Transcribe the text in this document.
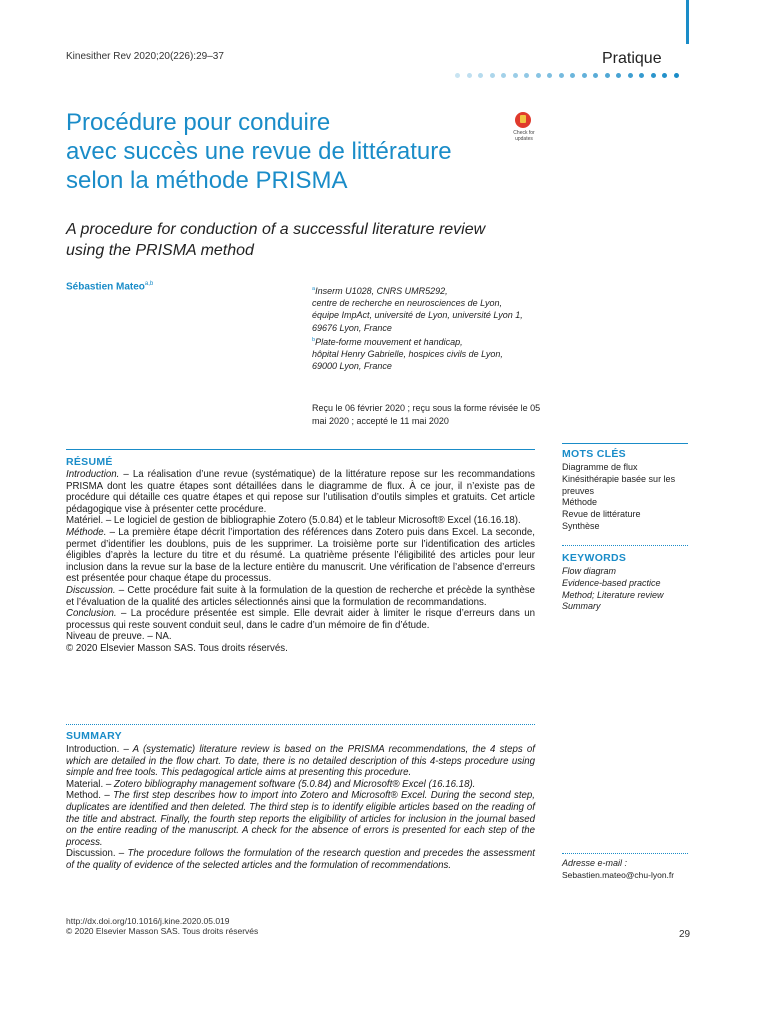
Kinesither Rev 2020;20(226):29–37	Pratique
Procédure pour conduire
avec succès une revue de littérature
selon la méthode PRISMA
Check for
updates
A procedure for conduction of a successful literature review using the PRISMA method
Sébastien Mateo$^{a,b}$
$^a$Inserm U1028, CNRS UMR5292,
centre de recherche en neurosciences de Lyon,
équipe ImpAct, université de Lyon, université Lyon 1,
69676 Lyon, France
$^b$Plate-forme mouvement et handicap,
hôpital Henry Gabrielle, hospices civils de Lyon,
69000 Lyon, France
Reçu le 06 février 2020 ; reçu sous la forme révisée le 05 mai 2020 ; accepté le 11 mai 2020
RÉSUMÉ

Introduction. – La réalisation d’une revue (systématique) de la littérature repose sur les recommandations PRISMA dont les quatre étapes sont détaillées dans le diagramme de flux. À ce jour, il n’existe pas de procédure qui détaille ces quatre étapes et qui repose sur l’utilisation d’outils simples et gratuits. Cet article pédagogique vise à présenter cette procédure.

Matériel. – Le logiciel de gestion de bibliographie Zotero (5.0.84) et le tableur Microsoft® Excel (16.16.18).

Méthode. – La première étape décrit l’importation des références dans Zotero puis dans Excel. La seconde, permet d’identifier les doublons, puis de les supprimer. La troisième porte sur l’identification des articles éligibles d’après la lecture du titre et du résumé. La quatrième présente l’éligibilité des articles pour leur inclusion dans la revue sur la base de la lecture entière du manuscrit. Une vérification de l’absence d’erreurs est présentée pour chaque étape du processus.

Discussion. – Cette procédure fait suite à la formulation de la question de recherche et précède la synthèse et l’évaluation de la qualité des articles sélectionnés ainsi que la formulation de recommandations.

Conclusion. – La procédure présentée est simple. Elle devrait aider à limiter le risque d’erreurs dans un processus qui reste souvent conduit seul, dans le cadre d’un mémoire de fin d’étude.

Niveau de preuve. – NA.

© 2020 Elsevier Masson SAS. Tous droits réservés.

SUMMARY

Introduction. – A (systematic) literature review is based on the PRISMA recommendations, the 4 steps of which are detailed in the flow chart. To date, there is no detailed description of this 4-steps procedure using simple and free tools. This pedagogical article aims at presenting this procedure.

Material. – Zotero bibliography management software (5.0.84) and Microsoft® Excel (16.16.18).

Method. – The first step describes how to import into Zotero and Microsoft® Excel. During the second step, duplicates are identified and then deleted. The third step is to identify eligible articles based on the reading of the title and abstract. Finally, the fourth step reports the eligibility of articles for inclusion in the journal based on the entire reading of the manuscript. A check for the absence of errors is presented for each step of the process.

Discussion. – The procedure follows the formulation of the research question and precedes the assessment of the quality of evidence of the selected articles and the formulation of recommendations.

MOTS CLÉS
Diagramme de flux
Kinésithérapie basée sur les preuves
Méthode
Revue de littérature
Synthèse
KEYWORDS
Flow diagram
Evidence-based practice
Method; Literature review
Summary
Adresse e-mail :
Sebastien.mateo@chu-lyon.fr
http://dx.doi.org/10.1016/j.kine.2020.05.019
© 2020 Elsevier Masson SAS. Tous droits réservés	29
